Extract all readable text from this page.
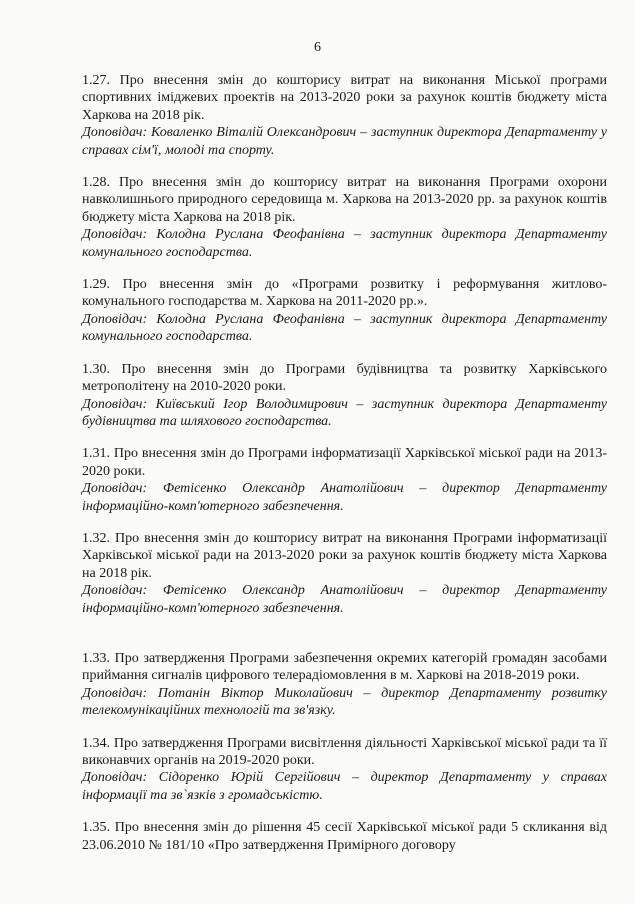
6

1.27. Про внесення змін до кошторису витрат на виконання Міської програми спортивних іміджевих проектів на 2013-2020 роки за рахунок коштів бюджету міста Харкова на 2018 рік.

Доповідач: Коваленко Віталій Олександрович – заступник директора Департаменту у справах сім'ї, молоді та спорту.

1.28. Про внесення змін до кошторису витрат на виконання Програми охорони навколишнього природного середовища м. Харкова на 2013-2020 рр. за рахунок коштів бюджету міста Харкова на 2018 рік.

Доповідач: Колодна Руслана Феофанівна – заступник директора Департаменту комунального господарства.

1.29. Про внесення змін до «Програми розвитку і реформування житлово-комунального господарства м. Харкова на 2011-2020 рр.».

Доповідач: Колодна Руслана Феофанівна – заступник директора Департаменту комунального господарства.

1.30. Про внесення змін до Програми будівництва та розвитку Харківського метрополітену на 2010-2020 роки.

Доповідач: Київський Ігор Володимирович – заступник директора Департаменту будівництва та шляхового господарства.

1.31. Про внесення змін до Програми інформатизації Харківської міської ради на 2013-2020 роки.

Доповідач: Фетісенко Олександр Анатолійович – директор Департаменту інформаційно-комп'ютерного забезпечення.

1.32. Про внесення змін до кошторису витрат на виконання Програми інформатизації Харківської міської ради на 2013-2020 роки за рахунок коштів бюджету міста Харкова на 2018 рік.

Доповідач: Фетісенко Олександр Анатолійович – директор Департаменту інформаційно-комп'ютерного забезпечення.

1.33. Про затвердження Програми забезпечення окремих категорій громадян засобами приймання сигналів цифрового телерадіомовлення в м. Харкові на 2018-2019 роки.

Доповідач: Потанін Віктор Миколайович – директор Департаменту розвитку телекомунікаційних технологій та зв'язку.

1.34. Про затвердження Програми висвітлення діяльності Харківської міської ради та її виконавчих органів на 2019-2020 роки.

Доповідач: Сідоренко Юрій Сергійович – директор Департаменту у справах інформації та зв`язків з громадськістю.

1.35. Про внесення змін до рішення 45 сесії Харківської міської ради 5 скликання від 23.06.2010 № 181/10 «Про затвердження Примірного договору
